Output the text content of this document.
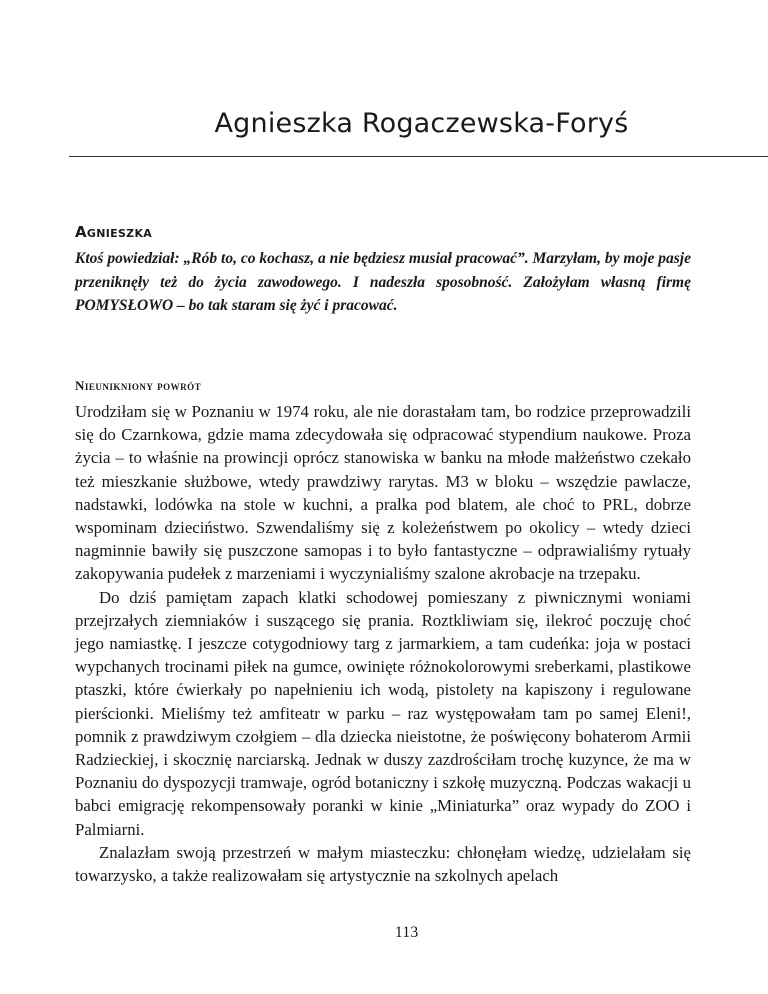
Agnieszka Rogaczewska-Foryś
Agnieszka

Ktoś powiedział: „Rób to, co kochasz, a nie będziesz musiał pracować”. Marzyłam, by moje pasje przeniknęły też do życia zawodowego. I nadeszła sposobność. Założyłam własną firmę POMYSŁOWO – bo tak staram się żyć i pracować.

Nieunikniony powrót

Urodziłam się w Poznaniu w 1974 roku, ale nie dorastałam tam, bo rodzice przeprowadzili się do Czarnkowa, gdzie mama zdecydowała się odpracować stypendium naukowe. Proza życia – to właśnie na prowincji oprócz stanowiska w banku na młode małżeństwo czekało też mieszkanie służbowe, wtedy prawdziwy rarytas. M3 w bloku – wszędzie pawlacze, nadstawki, lodówka na stole w kuchni, a pralka pod blatem, ale choć to PRL, dobrze wspominam dzieciństwo. Szwendaliśmy się z koleżeństwem po okolicy – wtedy dzieci nagminnie bawiły się puszczone samopas i to było fantastyczne – odprawialiśmy rytuały zakopywania pudełek z marzeniami i wyczynialiśmy szalone akrobacje na trzepaku.

Do dziś pamiętam zapach klatki schodowej pomieszany z piwnicznymi woniami przejrzałych ziemniaków i suszącego się prania. Roztkliwiam się, ilekroć poczuję choć jego namiastkę. I jeszcze cotygodniowy targ z jarmarkiem, a tam cudeńka: joja w postaci wypchanych trocinami piłek na gumce, owinięte różnokolorowymi sreberkami, plastikowe ptaszki, które ćwierkały po napełnieniu ich wodą, pistolety na kapiszony i regulowane pierścionki. Mieliśmy też amfiteatr w parku – raz występowałam tam po samej Eleni!, pomnik z prawdziwym czołgiem – dla dziecka nieistotne, że poświęcony bohaterom Armii Radzieckiej, i skocznię narciarską. Jednak w duszy zazdrościłam trochę kuzynce, że ma w Poznaniu do dyspozycji tramwaje, ogród botaniczny i szkołę muzyczną. Podczas wakacji u babci emigrację rekompensowały poranki w kinie „Miniaturka” oraz wypady do ZOO i Palmiarni.

Znalazłam swoją przestrzeń w małym miasteczku: chłonęłam wiedzę, udzielałam się towarzysko, a także realizowałam się artystycznie na szkolnych apelach

113
